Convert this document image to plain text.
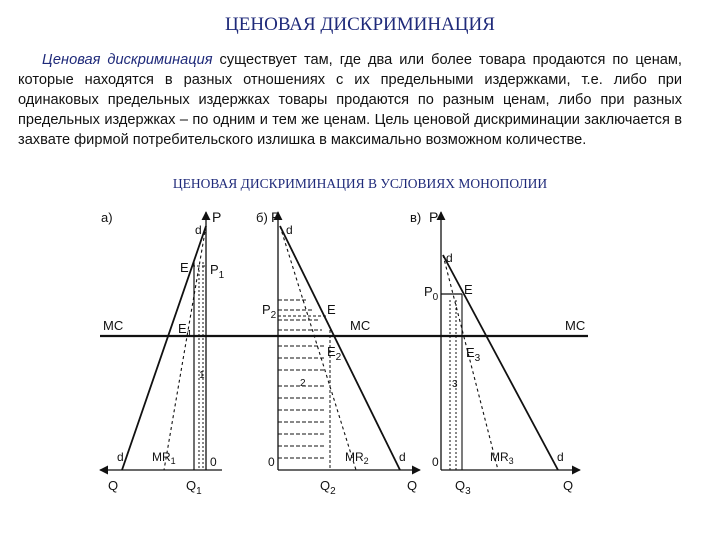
ЦЕНОВАЯ ДИСКРИМИНАЦИЯ
Ценовая дискриминация существует там, где два или более товара продаются по ценам, которые находятся в разных отношениях с их предельными издержками, т.е. либо при одинаковых предельных издержках товары продаются по разным ценам, либо при разных предельных издержках – по одним и тем же ценам. Цель ценовой дискриминации заключается в захвате фирмой потребительского излишка в максимально возможном количестве.
ЦЕНОВАЯ ДИСКРИМИНАЦИЯ В УСЛОВИЯХ МОНОПОЛИИ
а)	P
d
E $P_1$
$E_1$
1
d $MR_1$	0
Q	$Q_1$
б) P
d
$P_2$	E
MC
$E_2$
2
$MR_2$	d
0
$Q_2$	Q
в) P
d
$P_0$
E
MC
$E_3$
3
$MR_3$	d
0
$Q_3$	Q
MC
